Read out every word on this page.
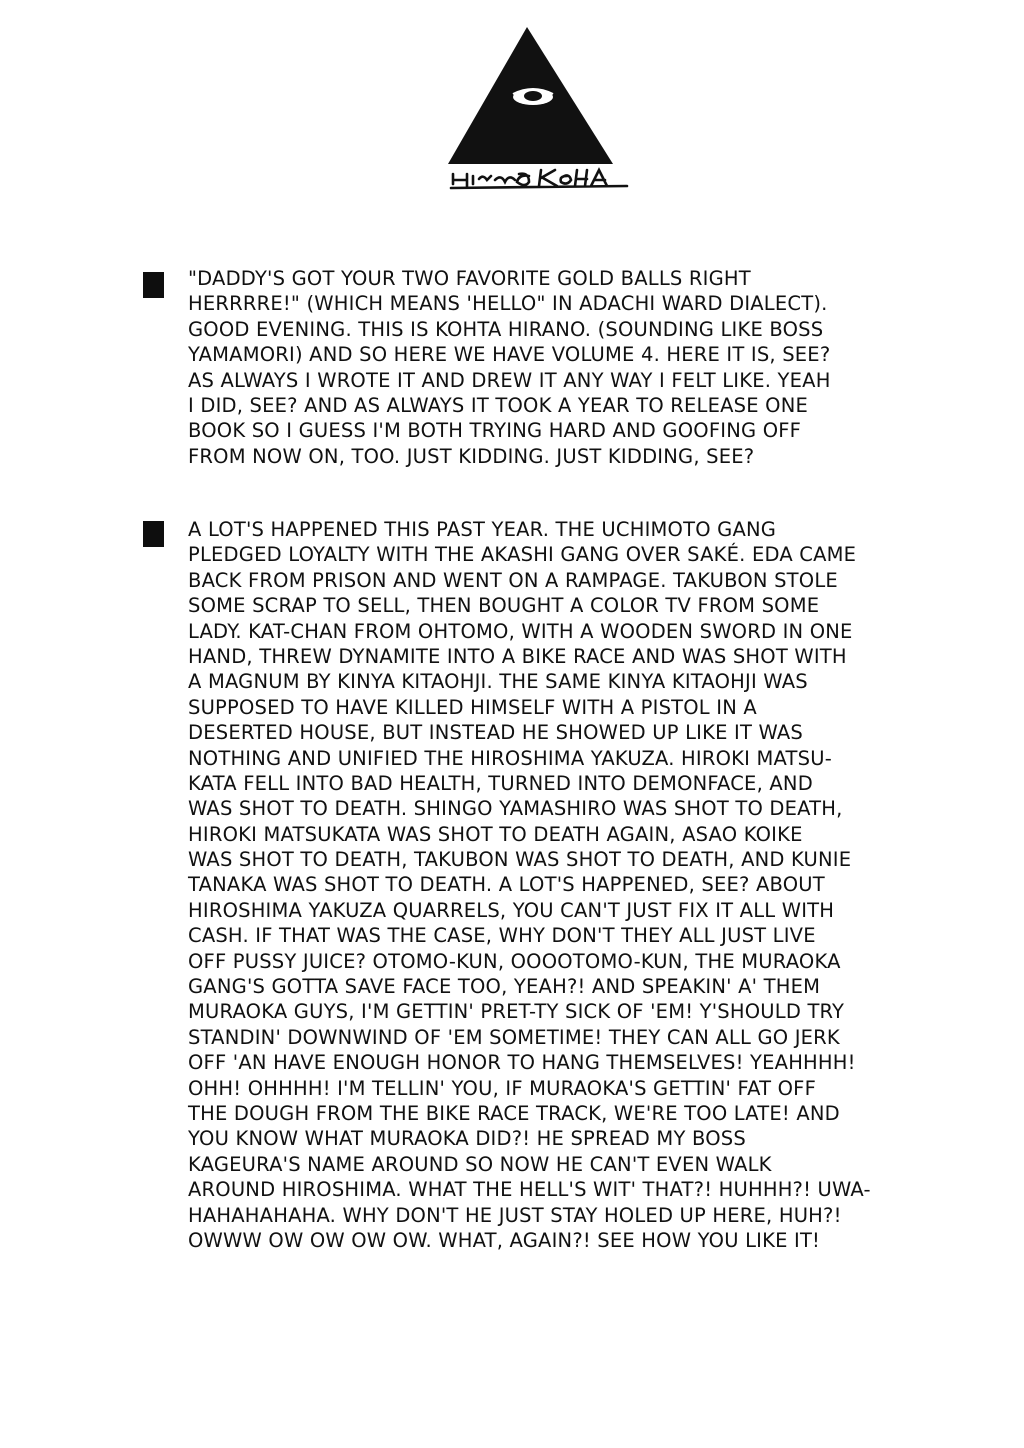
"DADDY'S GOT YOUR TWO FAVORITE GOLD BALLS RIGHT
HERRRRE!" (WHICH MEANS 'HELLO" IN ADACHI WARD DIALECT).
GOOD EVENING. THIS IS KOHTA HIRANO. (SOUNDING LIKE BOSS
YAMAMORI) AND SO HERE WE HAVE VOLUME 4. HERE IT IS, SEE?
AS ALWAYS I WROTE IT AND DREW IT ANY WAY I FELT LIKE. YEAH
I DID, SEE? AND AS ALWAYS IT TOOK A YEAR TO RELEASE ONE
BOOK SO I GUESS I'M BOTH TRYING HARD AND GOOFING OFF
FROM NOW ON, TOO. JUST KIDDING. JUST KIDDING, SEE?
A LOT'S HAPPENED THIS PAST YEAR. THE UCHIMOTO GANG
PLEDGED LOYALTY WITH THE AKASHI GANG OVER SAKÉ. EDA CAME
BACK FROM PRISON AND WENT ON A RAMPAGE. TAKUBON STOLE
SOME SCRAP TO SELL, THEN BOUGHT A COLOR TV FROM SOME
LADY. KAT-CHAN FROM OHTOMO, WITH A WOODEN SWORD IN ONE
HAND, THREW DYNAMITE INTO A BIKE RACE AND WAS SHOT WITH
A MAGNUM BY KINYA KITAOHJI. THE SAME KINYA KITAOHJI WAS
SUPPOSED TO HAVE KILLED HIMSELF WITH A PISTOL IN A
DESERTED HOUSE, BUT INSTEAD HE SHOWED UP LIKE IT WAS
NOTHING AND UNIFIED THE HIROSHIMA YAKUZA. HIROKI MATSU-
KATA FELL INTO BAD HEALTH, TURNED INTO DEMONFACE, AND
WAS SHOT TO DEATH. SHINGO YAMASHIRO WAS SHOT TO DEATH,
HIROKI MATSUKATA WAS SHOT TO DEATH AGAIN, ASAO KOIKE
WAS SHOT TO DEATH, TAKUBON WAS SHOT TO DEATH, AND KUNIE
TANAKA WAS SHOT TO DEATH. A LOT'S HAPPENED, SEE? ABOUT
HIROSHIMA YAKUZA QUARRELS, YOU CAN'T JUST FIX IT ALL WITH
CASH. IF THAT WAS THE CASE, WHY DON'T THEY ALL JUST LIVE
OFF PUSSY JUICE? OTOMO-KUN, OOOOTOMO-KUN, THE MURAOKA
GANG'S GOTTA SAVE FACE TOO, YEAH?! AND SPEAKIN' A' THEM
MURAOKA GUYS, I'M GETTIN' PRET-TY SICK OF 'EM! Y'SHOULD TRY
STANDIN' DOWNWIND OF 'EM SOMETIME! THEY CAN ALL GO JERK
OFF 'AN HAVE ENOUGH HONOR TO HANG THEMSELVES! YEAHHHH!
OHH! OHHHH! I'M TELLIN' YOU, IF MURAOKA'S GETTIN' FAT OFF
THE DOUGH FROM THE BIKE RACE TRACK, WE'RE TOO LATE! AND
YOU KNOW WHAT MURAOKA DID?! HE SPREAD MY BOSS
KAGEURA'S NAME AROUND SO NOW HE CAN'T EVEN WALK
AROUND HIROSHIMA. WHAT THE HELL'S WIT' THAT?! HUHHH?! UWA-
HAHAHAHAHA. WHY DON'T HE JUST STAY HOLED UP HERE, HUH?!
OWWW OW OW OW OW. WHAT, AGAIN?! SEE HOW YOU LIKE IT!
